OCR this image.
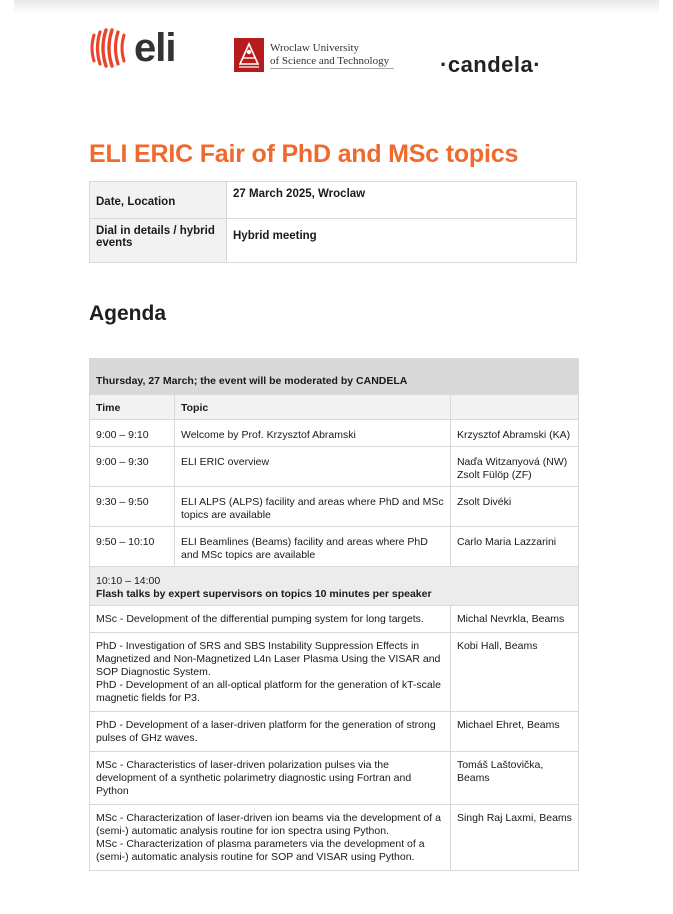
eli	Wroclaw University
of Science and Technology ·candela·
ELI ERIC Fair of PhD and MSc topics
Date, Location	27 March 2025, Wroclaw
Dial in details / hybrid events	Hybrid meeting
Agenda
Thursday, 27 March; the event will be moderated by CANDELA		
Time	Topic	
9:00 – 9:10	Welcome by Prof. Krzysztof Abramski	Krzysztof Abramski (KA)
9:00 – 9:30	ELI ERIC overview	Naďa Witzanyová (NW)
Zsolt Fülöp (ZF)
9:30 – 9:50	ELI ALPS (ALPS) facility and areas where PhD and MSc topics are available	Zsolt Divéki
9:50 – 10:10	ELI Beamlines (Beams) facility and areas where PhD and MSc topics are available	Carlo Maria Lazzarini

10:10 – 14:00
Flash talks by expert supervisors on topics 10 minutes per speaker		

MSc - Development of the differential pumping system for long targets.		Michal Nevrkla, Beams
PhD - Investigation of SRS and SBS Instability Suppression Effects in Magnetized and Non-Magnetized L4n Laser Plasma Using the VISAR and SOP Diagnostic System.
PhD - Development of an all-optical platform for the generation of kT-scale magnetic fields for P3.		Kobi Hall, Beams
PhD - Development of a laser-driven platform for the generation of strong pulses of GHz waves.		Michael Ehret, Beams
MSc - Characteristics of laser-driven polarization pulses via the development of a synthetic polarimetry diagnostic using Fortran and Python		Tomáš Laštovička, Beams
MSc - Characterization of laser-driven ion beams via the development of a (semi-) automatic analysis routine for ion spectra using Python.
MSc - Characterization of plasma parameters via the development of a (semi-) automatic analysis routine for SOP and VISAR using Python.		Singh Raj Laxmi, Beams
